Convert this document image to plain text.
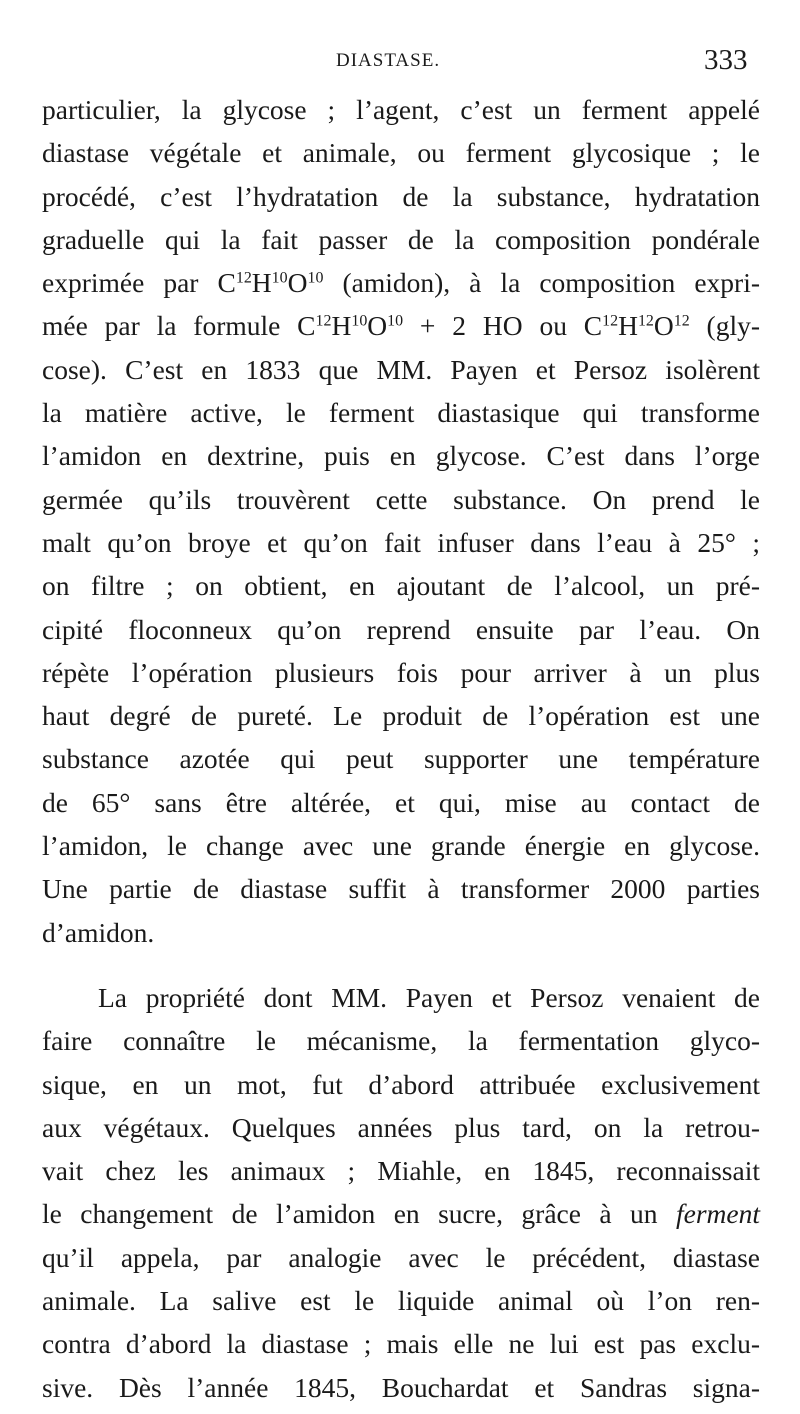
DIASTASE.	333
particulier, la glycose ; l’agent, c’est un ferment appelé
diastase végétale et animale, ou ferment glycosique ; le
procédé, c’est l’hydratation de la substance, hydratation
graduelle qui la fait passer de la composition pondérale
exprimée par $C^{12}H^{10}O^{10}$ (amidon), à la composition expri-
mée par la formule $C^{12}H^{10}O^{10} + 2$ HO ou $C^{12}H^{12}O^{12}$ (gly-
cose). C’est en 1833 que MM. Payen et Persoz isolèrent
la matière active, le ferment diastasique qui transforme
l’amidon en dextrine, puis en glycose. C’est dans l’orge
germée qu’ils trouvèrent cette substance. On prend le
malt qu’on broye et qu’on fait infuser dans l’eau à 25° ;
on filtre ; on obtient, en ajoutant de l’alcool, un pré-
cipité floconneux qu’on reprend ensuite par l’eau. On
répète l’opération plusieurs fois pour arriver à un plus
haut degré de pureté. Le produit de l’opération est une
substance azotée qui peut supporter une température
de 65° sans être altérée, et qui, mise au contact de
l’amidon, le change avec une grande énergie en glycose.
Une partie de diastase suffit à transformer 2000 parties
d’amidon.
La propriété dont MM. Payen et Persoz venaient de
faire connaître le mécanisme, la fermentation glyco-
sique, en un mot, fut d’abord attribuée exclusivement
aux végétaux. Quelques années plus tard, on la retrou-
vait chez les animaux ; Miahle, en 1845, reconnaissait
le changement de l’amidon en sucre, grâce à un ferment
qu’il appela, par analogie avec le précédent, diastase
animale. La salive est le liquide animal où l’on ren-
contra d’abord la diastase ; mais elle ne lui est pas exclu-
sive. Dès l’année 1845, Bouchardat et Sandras signa-
